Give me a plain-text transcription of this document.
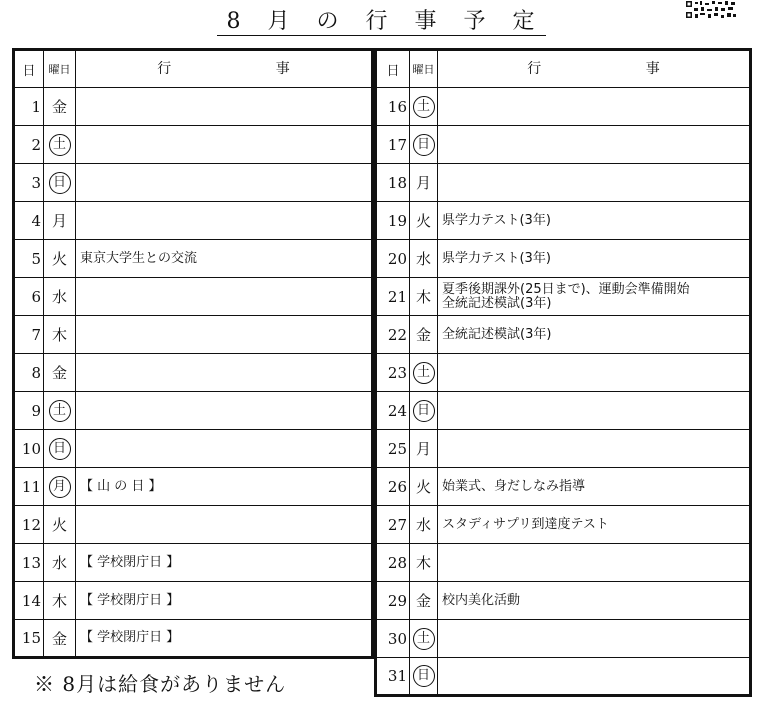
8 月 の 行 事 予 定
日	曜日	行 事
1	金	
2	土	
3	日	
4	月	
5	火	東京大学生との交流
6	水	
7	木	
8	金	
9	土	
10	日	
11	月	【 山 の 日 】
12	火	
13	水	【 学校閉庁日 】
14	木	【 学校閉庁日 】
15	金	【 学校閉庁日 】
日	曜日	行 事
16	土	
17	日	
18	月	
19	火	県学力テスト(3年)
20	水	県学力テスト(3年)
21	木	夏季後期課外(25日まで)、運動会準備開始
全統記述模試(3年)
22	金	全統記述模試(3年)
23	土	
24	日	
25	月	
26	火	始業式、身だしなみ指導
27	水	スタディサプリ到達度テスト
28	木	
29	金	校内美化活動
30	土	
31	日	
※ 8月は給食がありません
